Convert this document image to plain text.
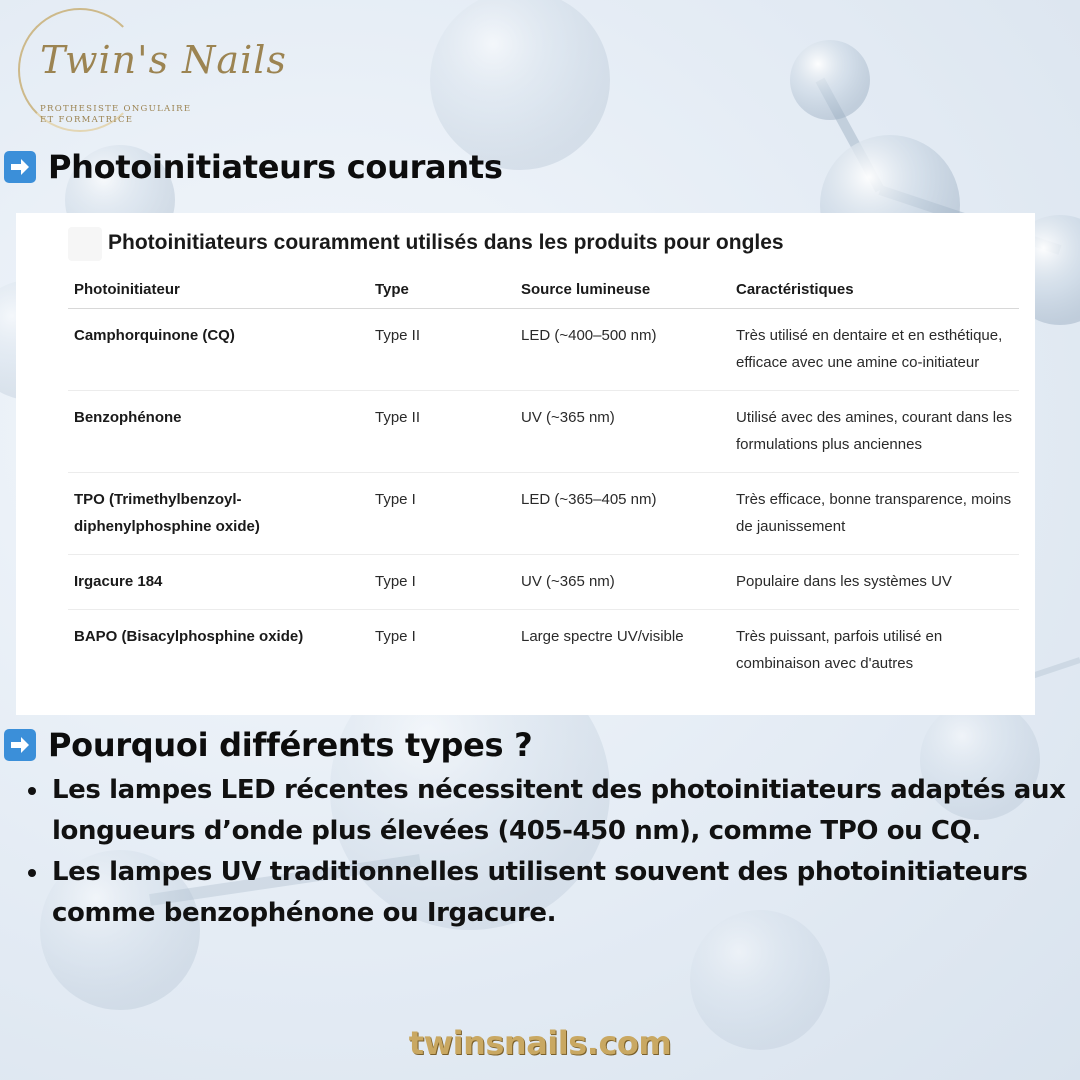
Twin's Nails
PROTHESISTE ONGULAIRE
ET FORMATRICE
Photoinitiateurs courants
Photoinitiateurs couramment utilisés dans les produits pour ongles
Photoinitiateur	Type	Source lumineuse	Caractéristiques
Camphorquinone (CQ)	Type II	LED (~400–500 nm)	Très utilisé en dentaire et en esthétique, efficace avec une amine co-initiateur
Benzophénone	Type II	UV (~365 nm)	Utilisé avec des amines, courant dans les formulations plus anciennes
TPO (Trimethylbenzoyl-diphenylphosphine oxide)	Type I	LED (~365–405 nm)	Très efficace, bonne transparence, moins de jaunissement
Irgacure 184	Type I	UV (~365 nm)	Populaire dans les systèmes UV
BAPO (Bisacylphosphine oxide)	Type I	Large spectre UV/visible	Très puissant, parfois utilisé en combinaison avec d'autres
Pourquoi différents types ?
Les lampes LED récentes nécessitent des photoinitiateurs adaptés aux longueurs d’onde plus élevées (405-450 nm), comme TPO ou CQ.
Les lampes UV traditionnelles utilisent souvent des photoinitiateurs comme benzophénone ou Irgacure.
twinsnails.com
